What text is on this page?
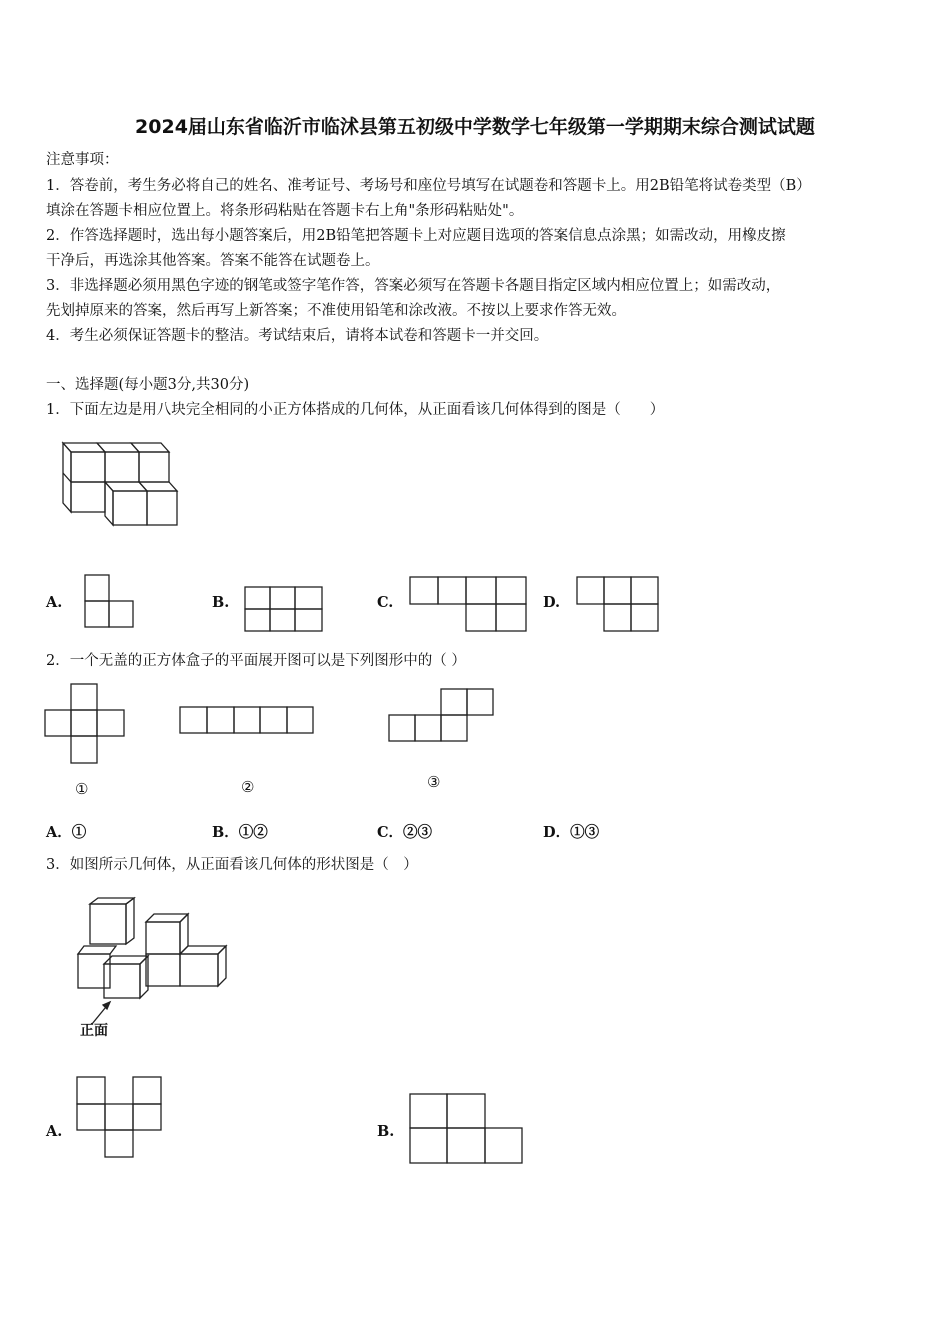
2024届山东省临沂市临沭县第五初级中学数学七年级第一学期期末综合测试试题
注意事项：
1．答卷前，考生务必将自己的姓名、准考证号、考场号和座位号填写在试题卷和答题卡上。用2B铅笔将试卷类型（B）
填涂在答题卡相应位置上。将条形码粘贴在答题卡右上角"条形码粘贴处"。
2．作答选择题时，选出每小题答案后，用2B铅笔把答题卡上对应题目选项的答案信息点涂黑；如需改动，用橡皮擦
干净后，再选涂其他答案。答案不能答在试题卷上。
3．非选择题必须用黑色字迹的钢笔或签字笔作答，答案必须写在答题卡各题目指定区域内相应位置上；如需改动，
先划掉原来的答案，然后再写上新答案；不准使用铅笔和涂改液。不按以上要求作答无效。
4．考生必须保证答题卡的整洁。考试结束后，请将本试卷和答题卡一并交回。
一、选择题(每小题3分,共30分)
1．下面左边是用八块完全相同的小正方体搭成的几何体，从正面看该几何体得到的图是（　　）
A.	B.	C.	D.
2．一个无盖的正方体盒子的平面展开图可以是下列图形中的（ ）
①	②	③
A．①	B．①②	C．②③	D．①③
3．如图所示几何体，从正面看该几何体的形状图是（　）
正面
A.	B.
